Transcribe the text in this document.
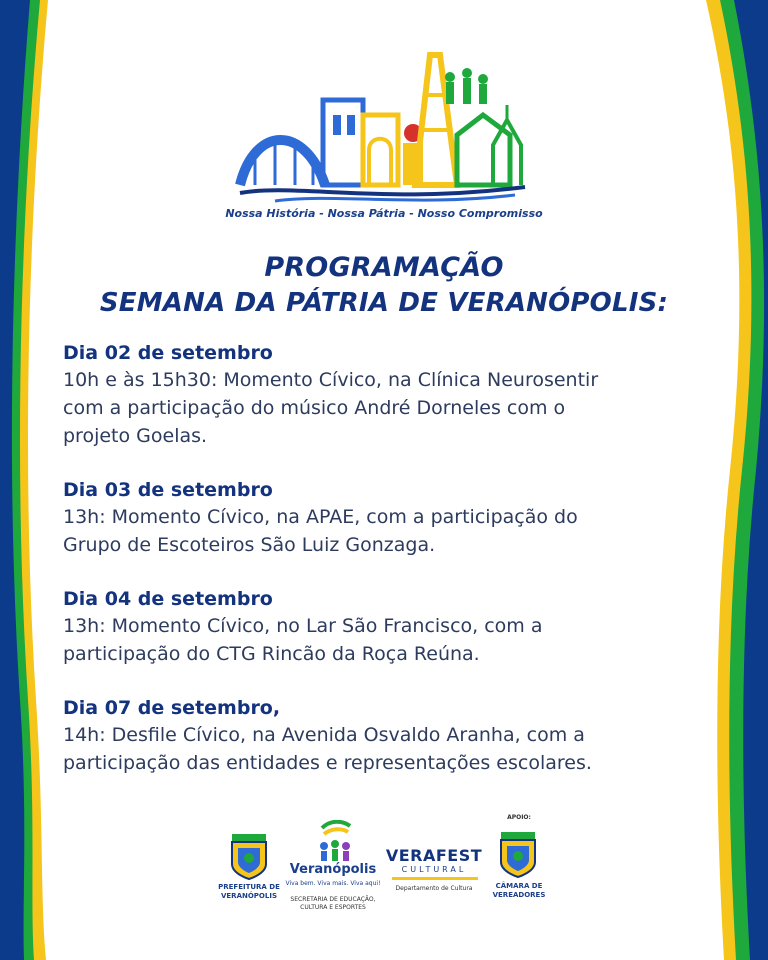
Nossa História - Nossa Pátria - Nosso Compromisso
PROGRAMAÇÃO
SEMANA DA PÁTRIA DE VERANÓPOLIS:
Dia 02 de setembro

10h e às 15h30: Momento Cívico, na Clínica Neurosentir

com a participação do músico André Dorneles com o

projeto Goelas.

Dia 03 de setembro

13h: Momento Cívico, na APAE, com a participação do

Grupo de Escoteiros São Luiz Gonzaga.

Dia 04 de setembro

13h: Momento Cívico, no Lar São Francisco, com a

participação do CTG Rincão da Roça Reúna.

Dia 07 de setembro,

14h: Desfile Cívico, na Avenida Osvaldo Aranha, com a

participação das entidades e representações escolares.

PREFEITURA DE
VERANÓPOLIS
Veranópolis
Viva bem. Viva mais. Viva aqui!
SECRETARIA DE EDUCAÇÃO,
CULTURA E ESPORTES
VERAFEST
CULTURAL
Departamento de Cultura
APOIO:
CÂMARA DE
VEREADORES
